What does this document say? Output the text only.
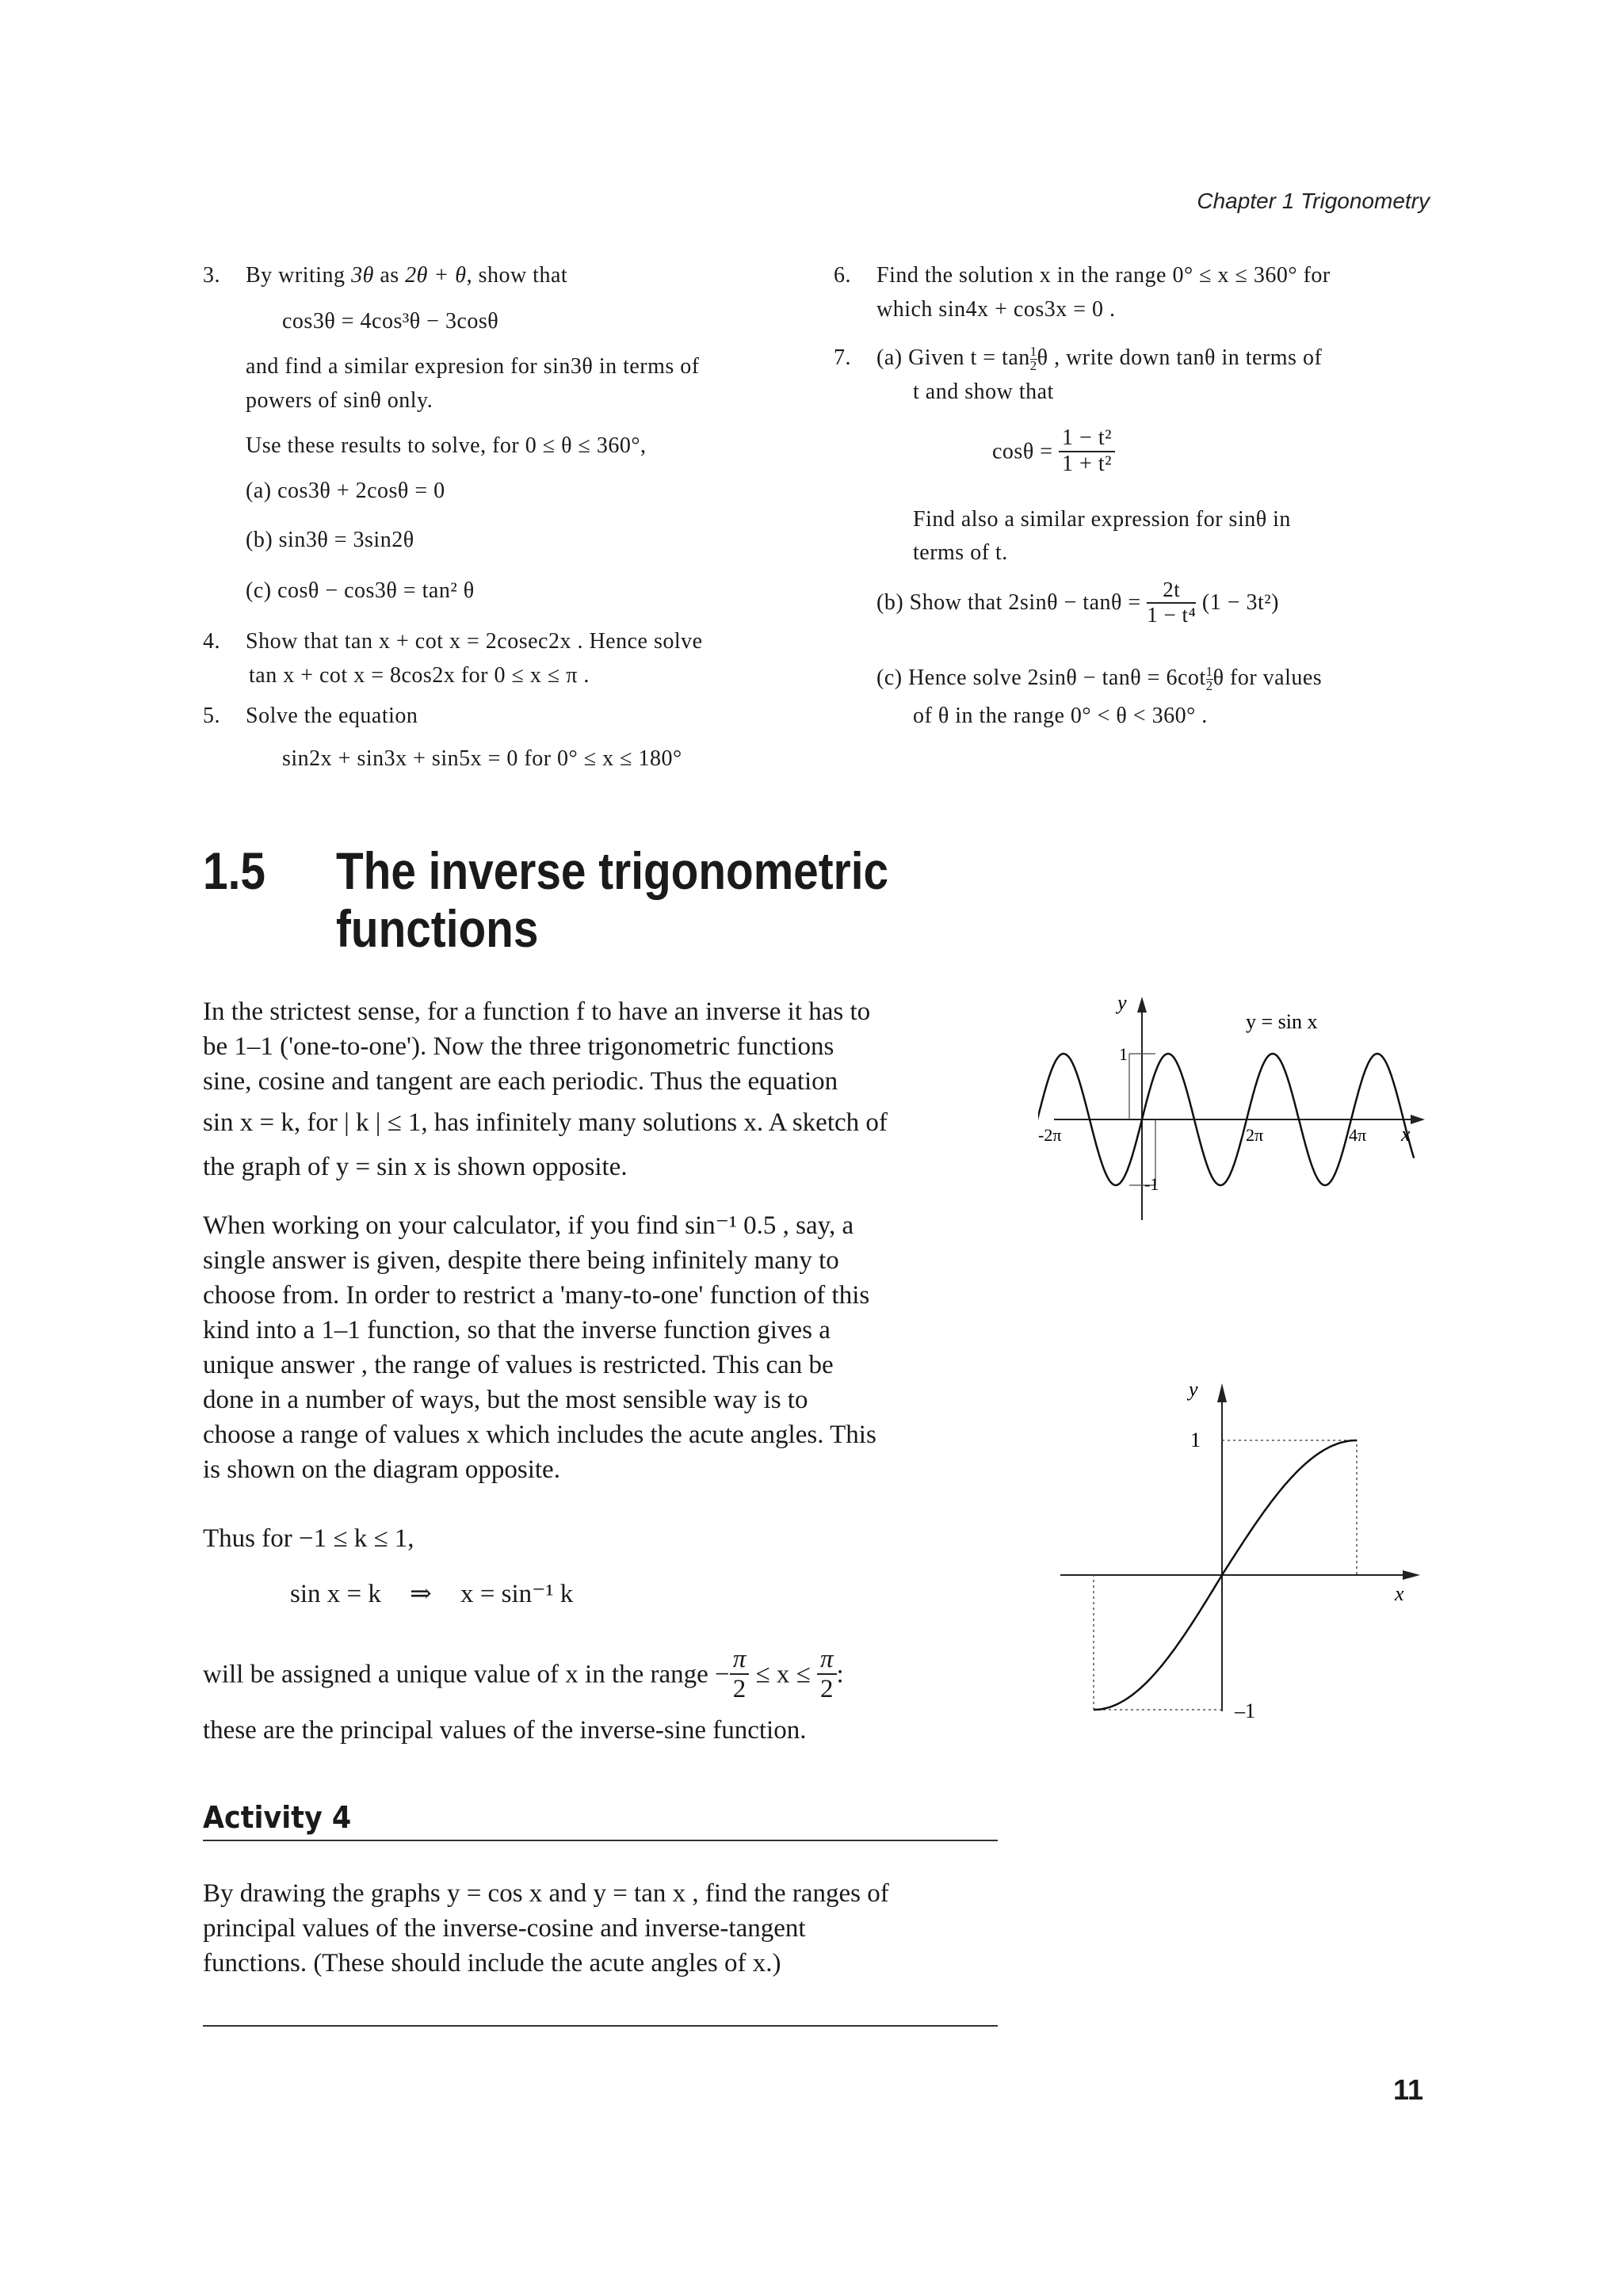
Chapter 1 Trigonometry
3. By writing 3θ as 2θ + θ, show that
cos3θ = 4cos³θ − 3cosθ
and find a similar expresion for sin3θ in terms of
powers of sinθ only.
Use these results to solve, for 0 ≤ θ ≤ 360°,
(a) cos3θ + 2cosθ = 0
(b) sin3θ = 3sin2θ
(c) cosθ − cos3θ = tan² θ
4. Show that tan x + cot x = 2cosec2x . Hence solve
tan x + cot x = 8cos2x for 0 ≤ x ≤ π .
5. Solve the equation
sin2x + sin3x + sin5x = 0 for 0° ≤ x ≤ 180°
6. Find the solution x in the range 0° ≤ x ≤ 360° for
which sin4x + cos3x = 0 .
7. (a) Given $t = \tan \frac{1}{2}$ θ , write down tanθ in terms of
t and show that
$\cos\theta = \frac{\text{1 − t²}}{\text{1 + t²}}$
Find also a similar expression for sinθ in
terms of t.
(b) Show that $2\sin\theta - \tan\theta = \frac{2t}{\text{1 − t⁴}} (1 - 3t^2)$
(c) Hence solve $2\sin\theta - \tan\theta = 6\cot \frac{1}{2}$ θ for values
of θ in the range 0° < θ < 360° .
1.5 The inverse trigonometric
functions
In the strictest sense, for a function f to have an inverse it has to
be 1–1 ('one-to-one'). Now the three trigonometric functions
sine, cosine and tangent are each periodic. Thus the equation
sin x = k, for | k | ≤ 1, has infinitely many solutions x. A sketch of
the graph of y = sin x is shown opposite.
When working on your calculator, if you find sin⁻¹ 0.5 , say, a
single answer is given, despite there being infinitely many to
choose from. In order to restrict a 'many-to-one' function of this
kind into a 1–1 function, so that the inverse function gives a
unique answer , the range of values is restricted. This can be
done in a number of ways, but the most sensible way is to
choose a range of values x which includes the acute angles. This
is shown on the diagram opposite.
Thus for −1 ≤ k ≤ 1,
sin x = k ⇒ x = sin⁻¹ k
will be assigned a unique value of x in the range − $\frac{\pi}{2} \le x \le \frac{\pi}{2}$ :
these are the principal values of the inverse-sine function.
Activity 4
By drawing the graphs y = cos x and y = tan x , find the ranges of
principal values of the inverse-cosine and inverse-tangent
functions. (These should include the acute angles of x.)
11
y
y = sin x
1
-2π	2π	4π x
-1
y
1
x
–1
